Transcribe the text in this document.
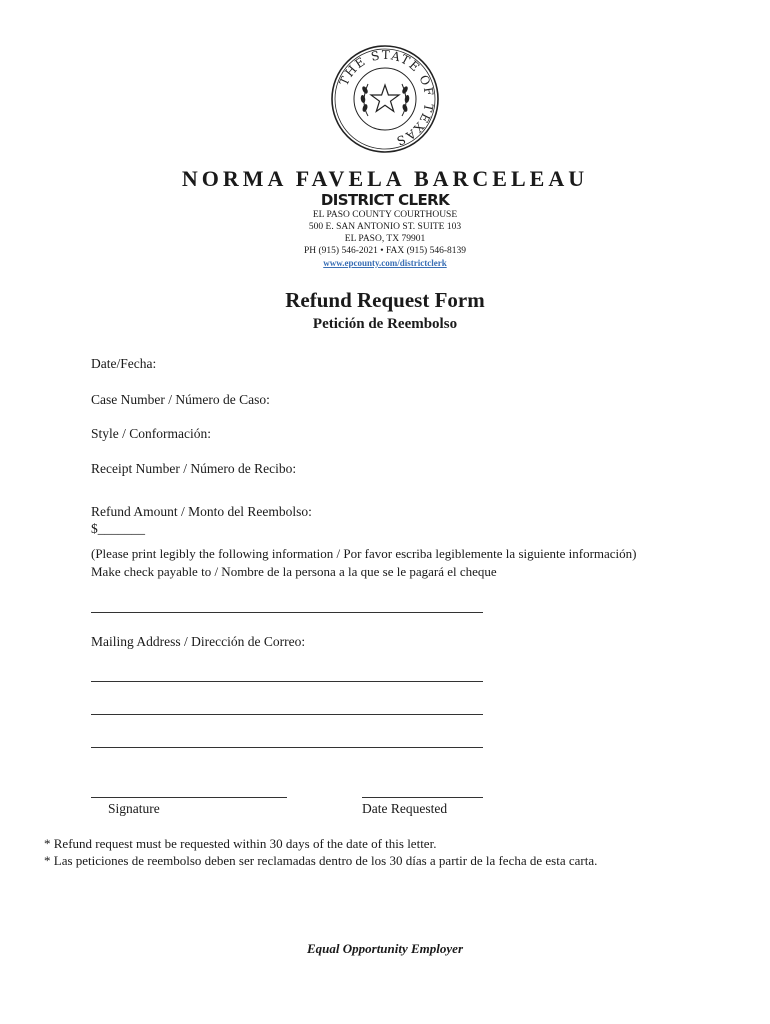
THE STATE OF TEXAS
NORMA FAVELA BARCELEAU
DISTRICT CLERK
EL PASO COUNTY COURTHOUSE
500 E. SAN ANTONIO ST. SUITE 103
EL PASO, TX 79901
PH (915) 546-2021 • FAX (915) 546-8139
www.epcounty.com/districtclerk
Refund Request Form
Petición de Reembolso
Date/Fecha:
Case Number / Número de Caso:
Style / Conformación:
Receipt Number / Número de Recibo:
Refund Amount / Monto del Reembolso:
$_______
(Please print legibly the following information / Por favor escriba legiblemente la siguiente información)
Make check payable to / Nombre de la persona a la que se le pagará el cheque
Mailing Address / Dirección de Correo:
Signature	Date Requested
* Refund request must be requested within 30 days of the date of this letter.
* Las peticiones de reembolso deben ser reclamadas dentro de los 30 días a partir de la fecha de esta carta.
Equal Opportunity Employer
